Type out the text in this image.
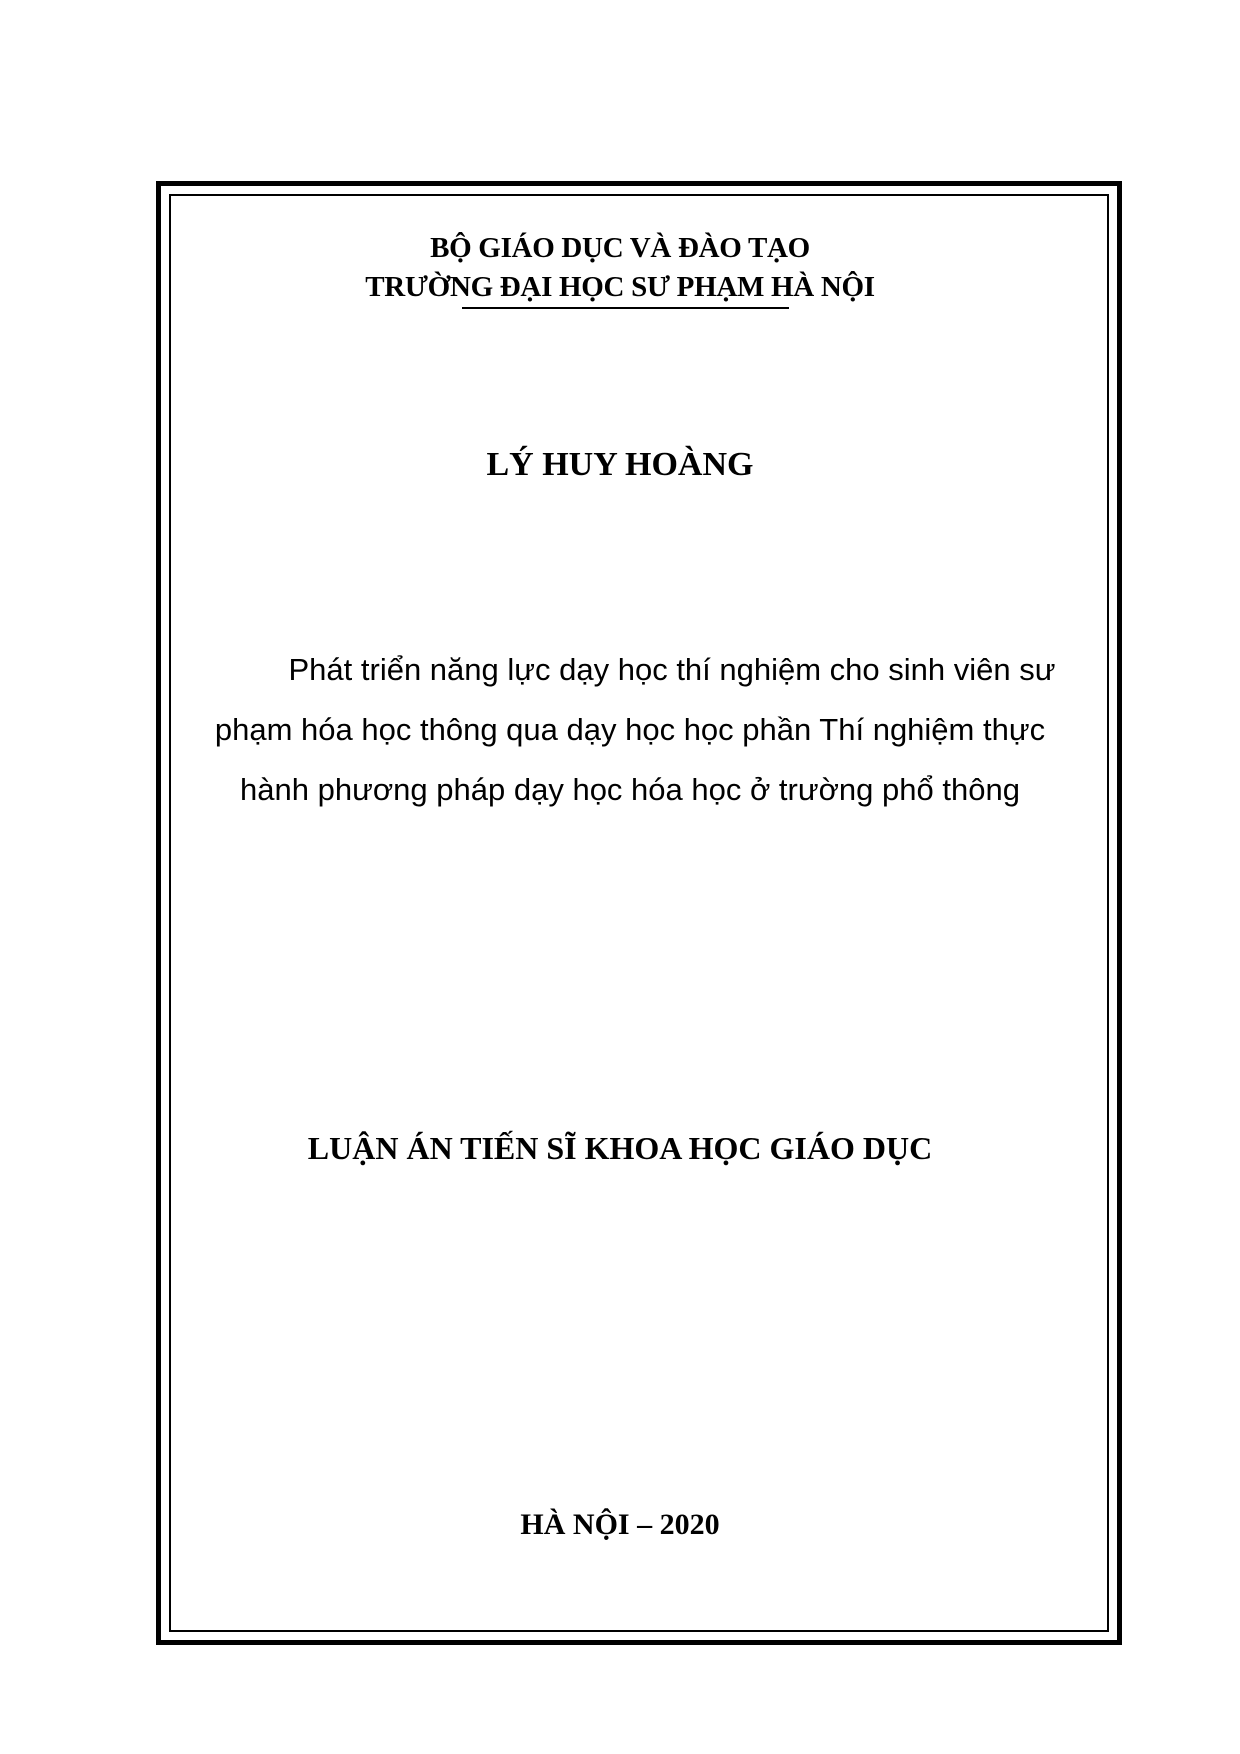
BỘ GIÁO DỤC VÀ ĐÀO TẠO
TRƯỜNG ĐẠI HỌC SƯ PHẠM HÀ NỘI
LÝ HUY HOÀNG
Phát triển năng lực dạy học thí nghiệm cho sinh viên sư phạm hóa học thông qua dạy học học phần Thí nghiệm thực hành phương pháp dạy học hóa học ở trường phổ thông
LUẬN ÁN TIẾN SĨ KHOA HỌC GIÁO DỤC
HÀ NỘI – 2020
